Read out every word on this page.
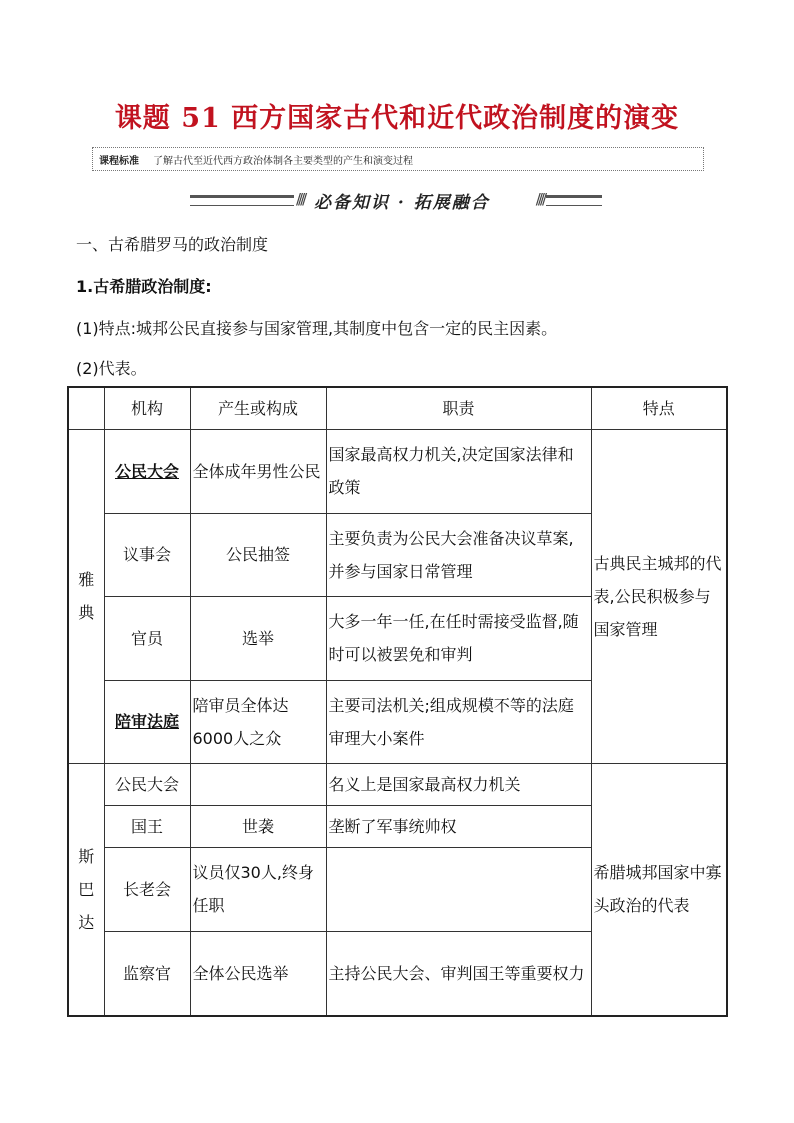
课题 51 西方国家古代和近代政治制度的演变
课程标准	了解古代至近代西方政治体制各主要类型的产生和演变过程
//// 必备知识 · 拓展融合	////
一、古希腊罗马的政治制度
1.古希腊政治制度:
(1)特点:城邦公民直接参与国家管理,其制度中包含一定的民主因素。
(2)代表。
	机构	产生或构成	职责	特点

雅
典	公民大会	全体成年男性公民	国家最高权力机关,决定国家法律和政策	古典民主城邦的代表,公民积极参与国家管理
	议事会	公民抽签	主要负责为公民大会准备决议草案,并参与国家日常管理	
	官员	选举	大多一年一任,在任时需接受监督,随时可以被罢免和审判	
	陪审法庭	陪审员全体达6000人之众	主要司法机关;组成规模不等的法庭审理大小案件	

斯
巴
达	公民大会		名义上是国家最高权力机关	希腊城邦国家中寡头政治的代表
	国王	世袭	垄断了军事统帅权	
	长老会	议员仅30人,终身任职		
	监察官	全体公民选举	主持公民大会、审判国王等重要权力	
